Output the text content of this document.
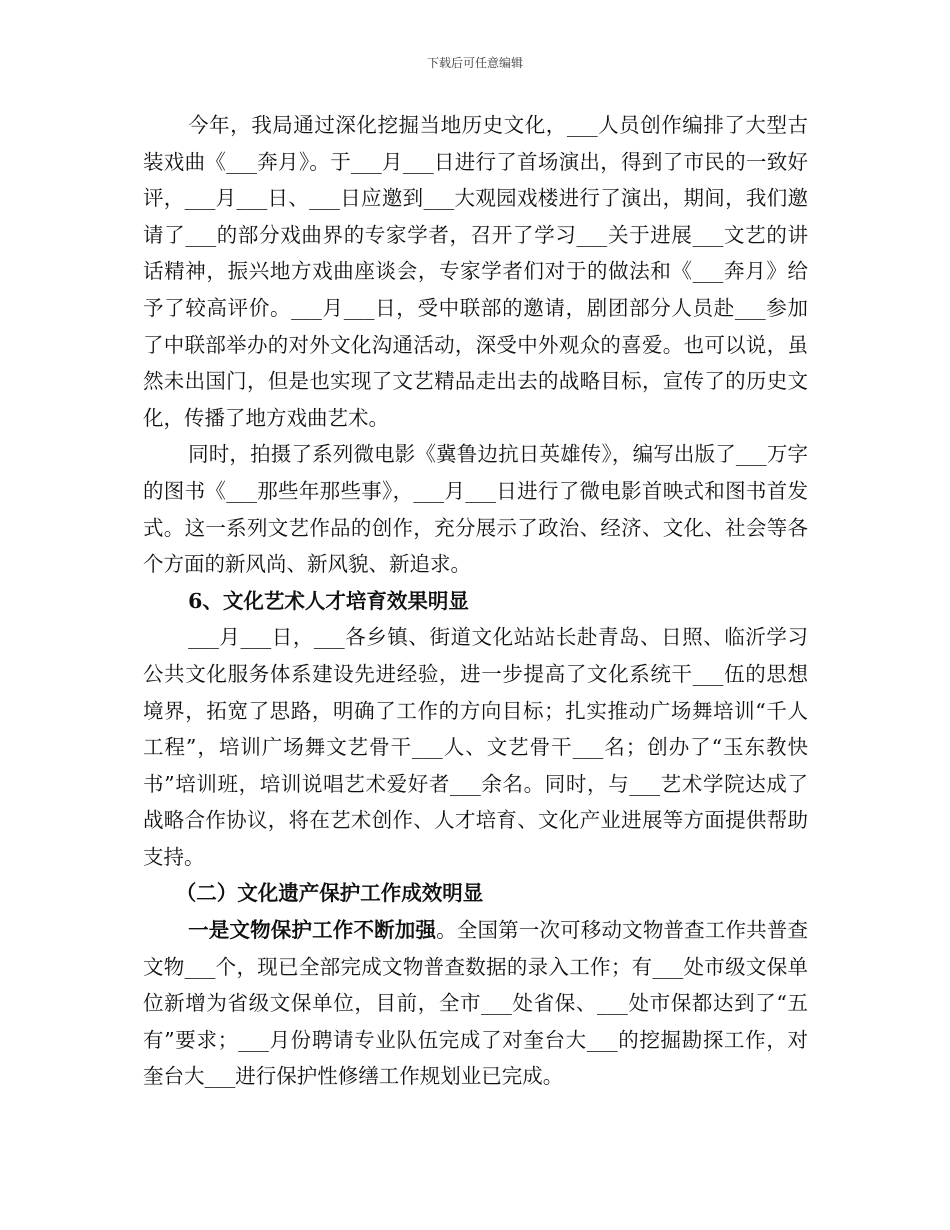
下载后可任意编辑

今年，我局通过深化挖掘当地历史文化，___人员创作编排了大型古装戏曲《___奔月》。于___月___日进行了首场演出，得到了市民的一致好评，___月___日、___日应邀到___大观园戏楼进行了演出，期间，我们邀请了___的部分戏曲界的专家学者，召开了学习___关于进展___文艺的讲话精神，振兴地方戏曲座谈会，专家学者们对于的做法和《___奔月》给予了较高评价。___月___日，受中联部的邀请，剧团部分人员赴___参加了中联部举办的对外文化沟通活动，深受中外观众的喜爱。也可以说，虽然未出国门，但是也实现了文艺精品走出去的战略目标，宣传了的历史文化，传播了地方戏曲艺术。

同时，拍摄了系列微电影《冀鲁边抗日英雄传》，编写出版了___万字的图书《___那些年那些事》，___月___日进行了微电影首映式和图书首发式。这一系列文艺作品的创作，充分展示了政治、经济、文化、社会等各个方面的新风尚、新风貌、新追求。

6、文化艺术人才培育效果明显

___月___日，___各乡镇、街道文化站站长赴青岛、日照、临沂学习公共文化服务体系建设先进经验，进一步提高了文化系统干___伍的思想境界，拓宽了思路，明确了工作的方向目标；扎实推动广场舞培训“千人工程”，培训广场舞文艺骨干___人、文艺骨干___名；创办了“玉东教快书”培训班，培训说唱艺术爱好者___余名。同时，与___艺术学院达成了战略合作协议，将在艺术创作、人才培育、文化产业进展等方面提供帮助支持。

（二）文化遗产保护工作成效明显

一是文物保护工作不断加强。全国第一次可移动文物普查工作共普查文物___个，现已全部完成文物普查数据的录入工作；有___处市级文保单位新增为省级文保单位，目前，全市___处省保、___处市保都达到了“五有”要求；___月份聘请专业队伍完成了对奎台大___的挖掘勘探工作，对奎台大___进行保护性修缮工作规划业已完成。
